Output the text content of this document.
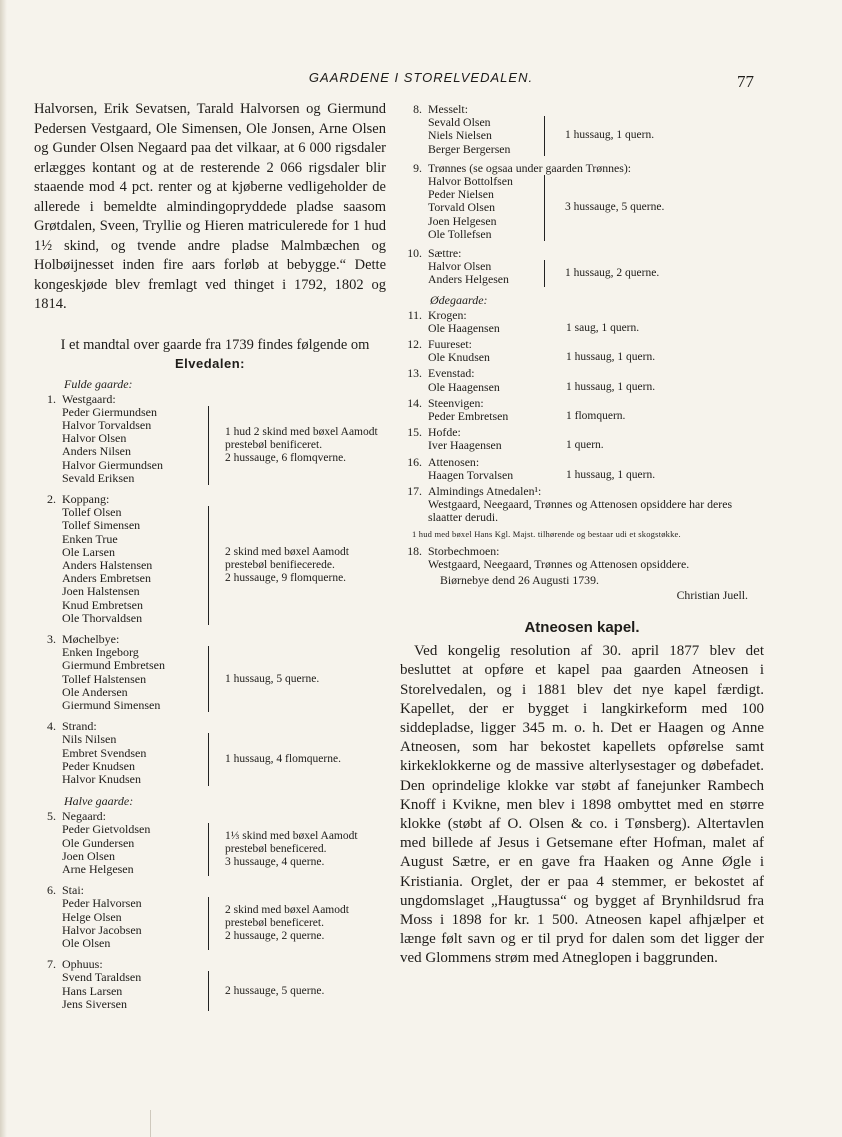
GAARDENE I STORELVEDALEN.	77

Halvorsen, Erik Sevatsen, Tarald Halvorsen og Giermund Pedersen Vestgaard, Ole Simensen, Ole Jonsen, Arne Olsen og Gunder Olsen Negaard paa det vilkaar, at 6 000 rigsdaler erlægges kontant og at de resterende 2 066 rigsdaler blir staaende mod 4 pct. renter og at kjøberne vedligeholder de allerede i bemeldte almindingopryddede pladse saasom Grøtdalen, Sveen, Tryllie og Hieren matriculerede for 1 hud 1½ skind, og tvende andre pladse Malmbæchen og Holbøijnesset inden fire aars forløb at bebygge.“ Dette kongeskjøde blev fremlagt ved thinget i 1792, 1802 og 1814.

I et mandtal over gaarde fra 1739 findes følgende om
Elvedalen:
Fulde gaarde:
1. Westgaard:
Peder Giermundsen
Halvor Torvaldsen
Halvor Olsen
Anders Nilsen
Halvor Giermundsen
Sevald Eriksen
1 hud 2 skind med bøxel Aamodt prestebøl benificeret.
2 hussauge, 6 flomqverne.
2. Koppang:
Tollef Olsen
Tollef Simensen
Enken True
Ole Larsen
Anders Halstensen
Anders Embretsen
Joen Halstensen
Knud Embretsen
Ole Thorvaldsen
2 skind med bøxel Aamodt prestebøl benifiecerede.
2 hussauge, 9 flomquerne.
3. Møchelbye:
Enken Ingeborg
Giermund Embretsen
Tollef Halstensen
Ole Andersen
Giermund Simensen
1 hussaug, 5 querne.
4. Strand:
Nils Nilsen
Embret Svendsen
Peder Knudsen
Halvor Knudsen
1 hussaug, 4 flomquerne.
Halve gaarde:
5. Negaard:
Peder Gietvoldsen
Ole Gundersen
Joen Olsen
Arne Helgesen
1⅓ skind med bøxel Aamodt prestebøl beneficered.
3 hussauge, 4 querne.
6. Stai:
Peder Halvorsen
Helge Olsen
Halvor Jacobsen
Ole Olsen
2 skind med bøxel Aamodt prestebøl beneficeret.
2 hussauge, 2 querne.
7. Ophuus:
Svend Taraldsen
Hans Larsen
Jens Siversen
2 hussauge, 5 querne.
8. Messelt:
Sevald Olsen
Niels Nielsen
Berger Bergersen
1 hussaug, 1 quern.
9. Trønnes (se ogsaa under gaarden Trønnes):
Halvor Bottolfsen
Peder Nielsen
Torvald Olsen
Joen Helgesen
Ole Tollefsen
3 hussauge, 5 querne.
10. Sættre:
Halvor Olsen
Anders Helgesen	1 hussaug, 2 querne.
Ødegaarde:
11. Krogen:
Ole Haagensen	1 saug, 1 quern.
12. Fuureset:
Ole Knudsen	1 hussaug, 1 quern.
13. Evenstad:
Ole Haagensen	1 hussaug, 1 quern.
14. Steenvigen:
Peder Embretsen	1 flomquern.
15. Hofde:
Iver Haagensen	1 quern.
16. Attenosen:
Haagen Torvalsen	1 hussaug, 1 quern.
17. Almindings Atnedalen¹:
Westgaard, Neegaard, Trønnes og Attenosen opsiddere har deres slaatter derudi.
1 hud med bøxel Hans Kgl. Majst. tilhørende og bestaar udi et skogstøkke.
18. Storbechmoen:
Westgaard, Neegaard, Trønnes og Attenosen opsiddere.
Biørnebye dend 26 Augusti 1739.
Christian Juell.
Atneosen kapel.

Ved kongelig resolution af 30. april 1877 blev det besluttet at opføre et kapel paa gaarden Atneosen i Storelvedalen, og i 1881 blev det nye kapel færdigt. Kapellet, der er bygget i langkirkeform med 100 siddepladse, ligger 345 m. o. h. Det er Haagen og Anne Atneosen, som har bekostet kapellets opførelse samt kirkeklokkerne og de massive alterlysestager og døbefadet. Den oprindelige klokke var støbt af fanejunker Rambech Knoff i Kvikne, men blev i 1898 ombyttet med en større klokke (støbt af O. Olsen & co. i Tønsberg). Altertavlen med billede af Jesus i Getsemane efter Hofman, malet af August Sætre, er en gave fra Haaken og Anne Øgle i Kristiania. Orglet, der er paa 4 stemmer, er bekostet af ungdomslaget „Haugtussa“ og bygget af Brynhildsrud fra Moss i 1898 for kr. 1 500. Atneosen kapel afhjælper et længe følt savn og er til pryd for dalen som det ligger der ved Glommens strøm med Atneglopen i baggrunden.
